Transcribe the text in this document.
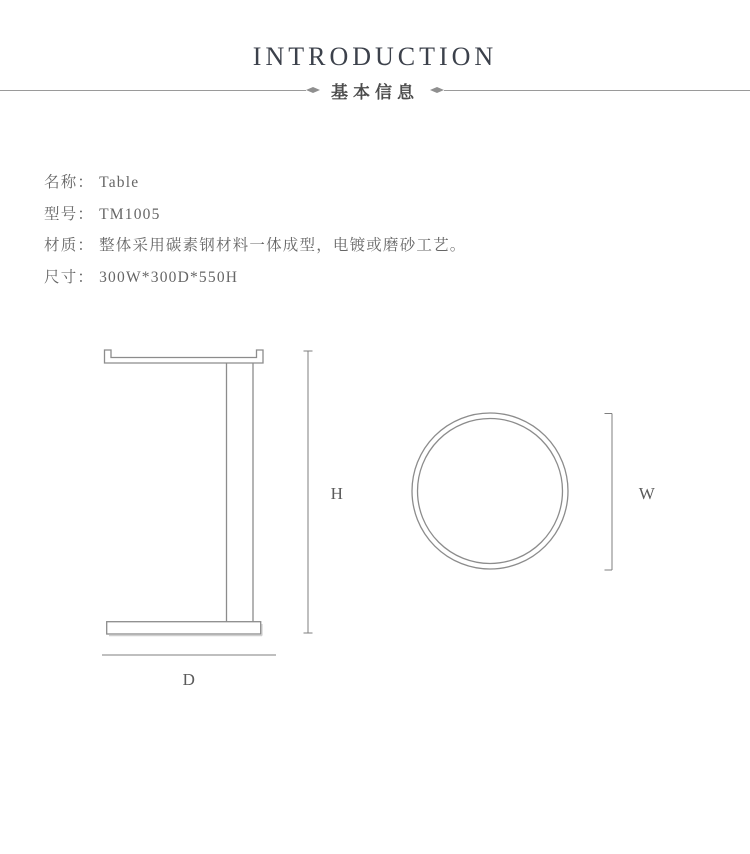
INTRODUCTION
基本信息
名称： Table
型号： TM1005
材质： 整体采用碳素钢材料一体成型，电镀或磨砂工艺。
尺寸： 300W*300D*550H
H
D
W
